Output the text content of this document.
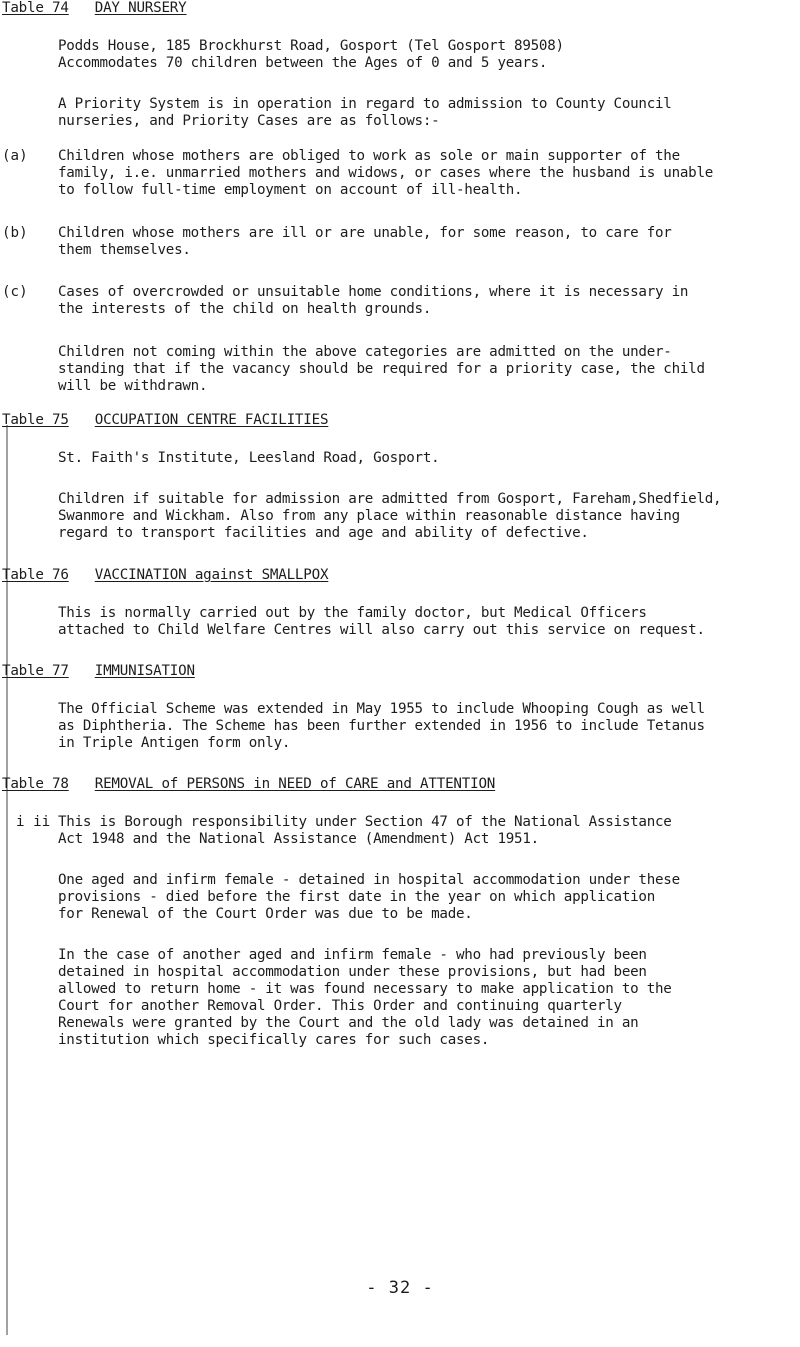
Table 74 DAY NURSERY
Podds House, 185 Brockhurst Road, Gosport (Tel Gosport 89508)
Accommodates 70 children between the Ages of 0 and 5 years.
A Priority System is in operation in regard to admission to County Council
nurseries, and Priority Cases are as follows:-
(a) Children whose mothers are obliged to work as sole or main supporter of the
family, i.e. unmarried mothers and widows, or cases where the husband is unable
to follow full-time employment on account of ill-health.
(b) Children whose mothers are ill or are unable, for some reason, to care for
them themselves.
(c) Cases of overcrowded or unsuitable home conditions, where it is necessary in
the interests of the child on health grounds.
Children not coming within the above categories are admitted on the under-
standing that if the vacancy should be required for a priority case, the child
will be withdrawn.
Table 75 OCCUPATION CENTRE FACILITIES
St. Faith's Institute, Leesland Road, Gosport.
Children if suitable for admission are admitted from Gosport, Fareham,Shedfield,
Swanmore and Wickham. Also from any place within reasonable distance having
regard to transport facilities and age and ability of defective.
Table 76 VACCINATION against SMALLPOX
This is normally carried out by the family doctor, but Medical Officers
attached to Child Welfare Centres will also carry out this service on request.
Table 77 IMMUNISATION
The Official Scheme was extended in May 1955 to include Whooping Cough as well
as Diphtheria. The Scheme has been further extended in 1956 to include Tetanus
in Triple Antigen form only.
Table 78 REMOVAL of PERSONS in NEED of CARE and ATTENTION
i ii This is Borough responsibility under Section 47 of the National Assistance
Act 1948 and the National Assistance (Amendment) Act 1951.
One aged and infirm female - detained in hospital accommodation under these
provisions - died before the first date in the year on which application
for Renewal of the Court Order was due to be made.
In the case of another aged and infirm female - who had previously been
detained in hospital accommodation under these provisions, but had been
allowed to return home - it was found necessary to make application to the
Court for another Removal Order. This Order and continuing quarterly
Renewals were granted by the Court and the old lady was detained in an
institution which specifically cares for such cases.
- 32 -
